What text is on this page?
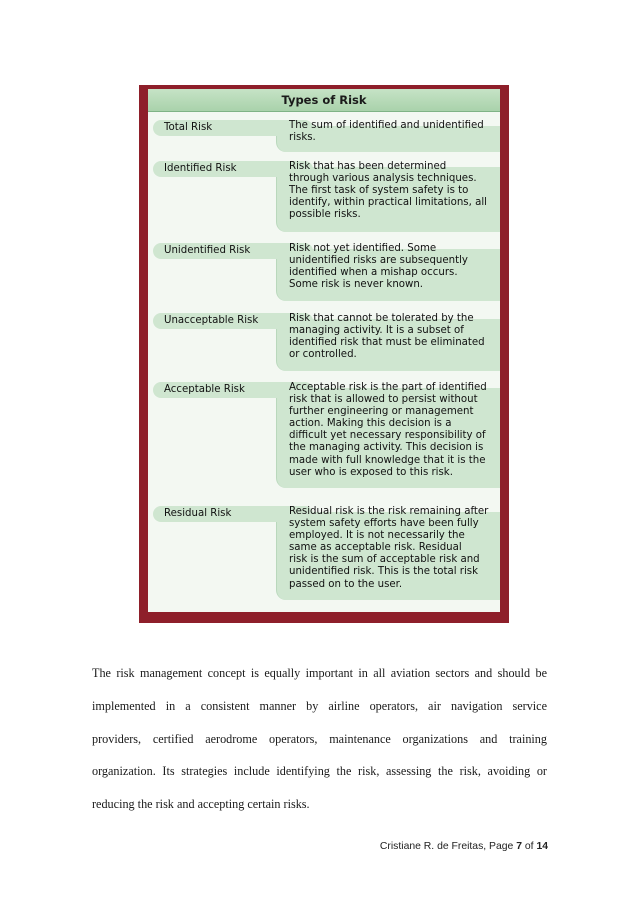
Types of Risk
Total Risk	The sum of identified and unidentified
risks.
Identified Risk	Risk that has been determined
through various analysis techniques.
The first task of system safety is to
identify, within practical limitations, all
possible risks.
Unidentified Risk	Risk not yet identified. Some
unidentified risks are subsequently
identified when a mishap occurs.
Some risk is never known.
Unacceptable Risk	Risk that cannot be tolerated by the
managing activity. It is a subset of
identified risk that must be eliminated
or controlled.
Acceptable Risk	Acceptable risk is the part of identified
risk that is allowed to persist without
further engineering or management
action. Making this decision is a
difficult yet necessary responsibility of
the managing activity. This decision is
made with full knowledge that it is the
user who is exposed to this risk.
Residual Risk	Residual risk is the risk remaining after
system safety efforts have been fully
employed. It is not necessarily the
same as acceptable risk. Residual
risk is the sum of acceptable risk and
unidentified risk. This is the total risk
passed on to the user.
The risk management concept is equally important in all aviation sectors and should be
implemented in a consistent manner by airline operators, air navigation service
providers, certified aerodrome operators, maintenance organizations and training
organization. Its strategies include identifying the risk, assessing the risk, avoiding or
reducing the risk and accepting certain risks.
Cristiane R. de Freitas, Page 7 of 14
